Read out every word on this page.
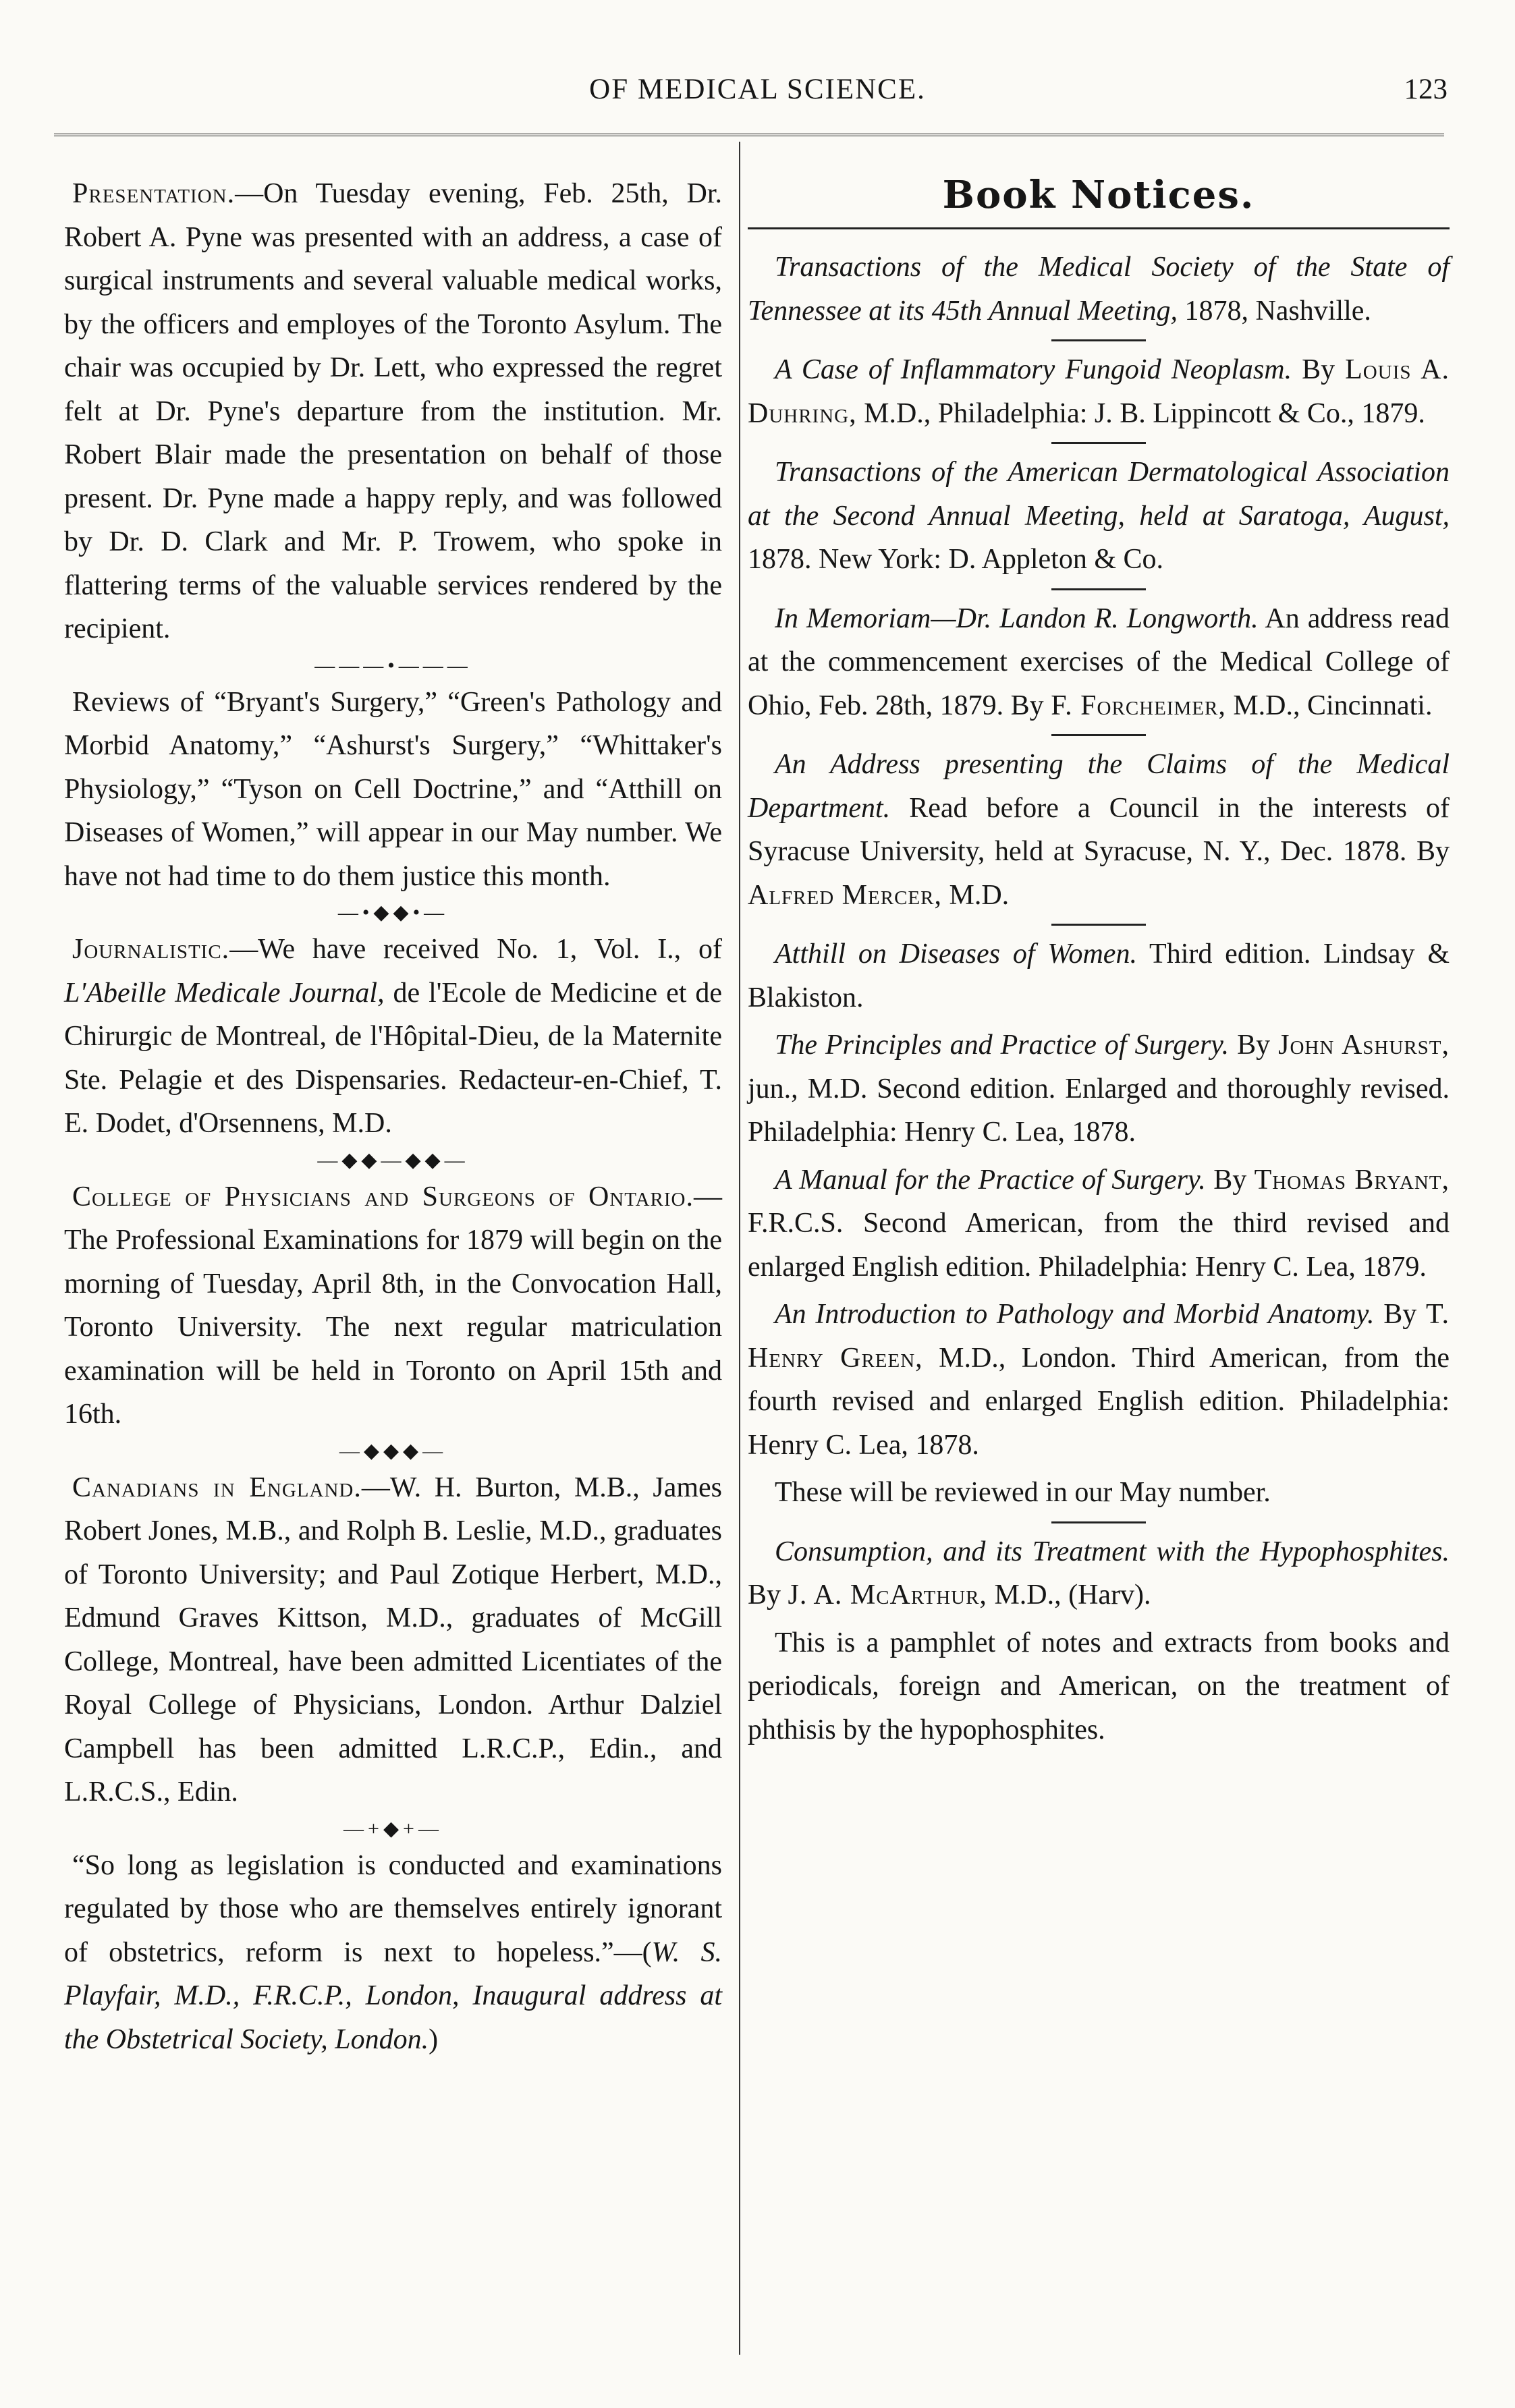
OF MEDICAL SCIENCE.	123

Presentation.—On Tuesday evening, Feb. 25th, Dr. Robert A. Pyne was presented with an address, a case of surgical instruments and several valuable medical works, by the officers and employes of the Toronto Asylum. The chair was occupied by Dr. Lett, who expressed the regret felt at Dr. Pyne's departure from the institution. Mr. Robert Blair made the presentation on behalf of those present. Dr. Pyne made a happy reply, and was followed by Dr. D. Clark and Mr. P. Trowem, who spoke in flattering terms of the valuable services rendered by the recipient.

———•———

Reviews of “Bryant's Surgery,” “Green's Pathology and Morbid Anatomy,” “Ashurst's Surgery,” “Whittaker's Physiology,” “Tyson on Cell Doctrine,” and “Atthill on Diseases of Women,” will appear in our May number. We have not had time to do them justice this month.

—•◆◆•—

Journalistic.—We have received No. 1, Vol. I., of L'Abeille Medicale Journal, de l'Ecole de Medicine et de Chirurgic de Montreal, de l'Hôpital-Dieu, de la Maternite Ste. Pelagie et des Dispensaries. Redacteur-en-Chief, T. E. Dodet, d'Orsennens, M.D.

—◆◆—◆◆—

College of Physicians and Surgeons of Ontario.—The Professional Examinations for 1879 will begin on the morning of Tuesday, April 8th, in the Convocation Hall, Toronto University. The next regular matriculation examination will be held in Toronto on April 15th and 16th.

—◆◆◆—

Canadians in England.—W. H. Burton, M.B., James Robert Jones, M.B., and Rolph B. Leslie, M.D., graduates of Toronto University; and Paul Zotique Herbert, M.D., Edmund Graves Kittson, M.D., graduates of McGill College, Montreal, have been admitted Licentiates of the Royal College of Physicians, London. Arthur Dalziel Campbell has been admitted L.R.C.P., Edin., and L.R.C.S., Edin.

—+◆+—

“So long as legislation is conducted and examinations regulated by those who are themselves entirely ignorant of obstetrics, reform is next to hopeless.”—(W. S. Playfair, M.D., F.R.C.P., London, Inaugural address at the Obstetrical Society, London.)

Book Notices.

Transactions of the Medical Society of the State of Tennessee at its 45th Annual Meeting, 1878, Nashville.

A Case of Inflammatory Fungoid Neoplasm. By Louis A. Duhring, M.D., Philadelphia: J. B. Lippincott & Co., 1879.

Transactions of the American Dermatological Association at the Second Annual Meeting, held at Saratoga, August, 1878. New York: D. Appleton & Co.

In Memoriam—Dr. Landon R. Longworth. An address read at the commencement exercises of the Medical College of Ohio, Feb. 28th, 1879. By F. Forcheimer, M.D., Cincinnati.

An Address presenting the Claims of the Medical Department. Read before a Council in the interests of Syracuse University, held at Syracuse, N. Y., Dec. 1878. By Alfred Mercer, M.D.

Atthill on Diseases of Women. Third edition. Lindsay & Blakiston.

The Principles and Practice of Surgery. By John Ashurst, jun., M.D. Second edition. Enlarged and thoroughly revised. Philadelphia: Henry C. Lea, 1878.

A Manual for the Practice of Surgery. By Thomas Bryant, F.R.C.S. Second American, from the third revised and enlarged English edition. Philadelphia: Henry C. Lea, 1879.

An Introduction to Pathology and Morbid Anatomy. By T. Henry Green, M.D., London. Third American, from the fourth revised and enlarged English edition. Philadelphia: Henry C. Lea, 1878.

These will be reviewed in our May number.

Consumption, and its Treatment with the Hypophosphites. By J. A. McArthur, M.D., (Harv).

This is a pamphlet of notes and extracts from books and periodicals, foreign and American, on the treatment of phthisis by the hypophosphites.
